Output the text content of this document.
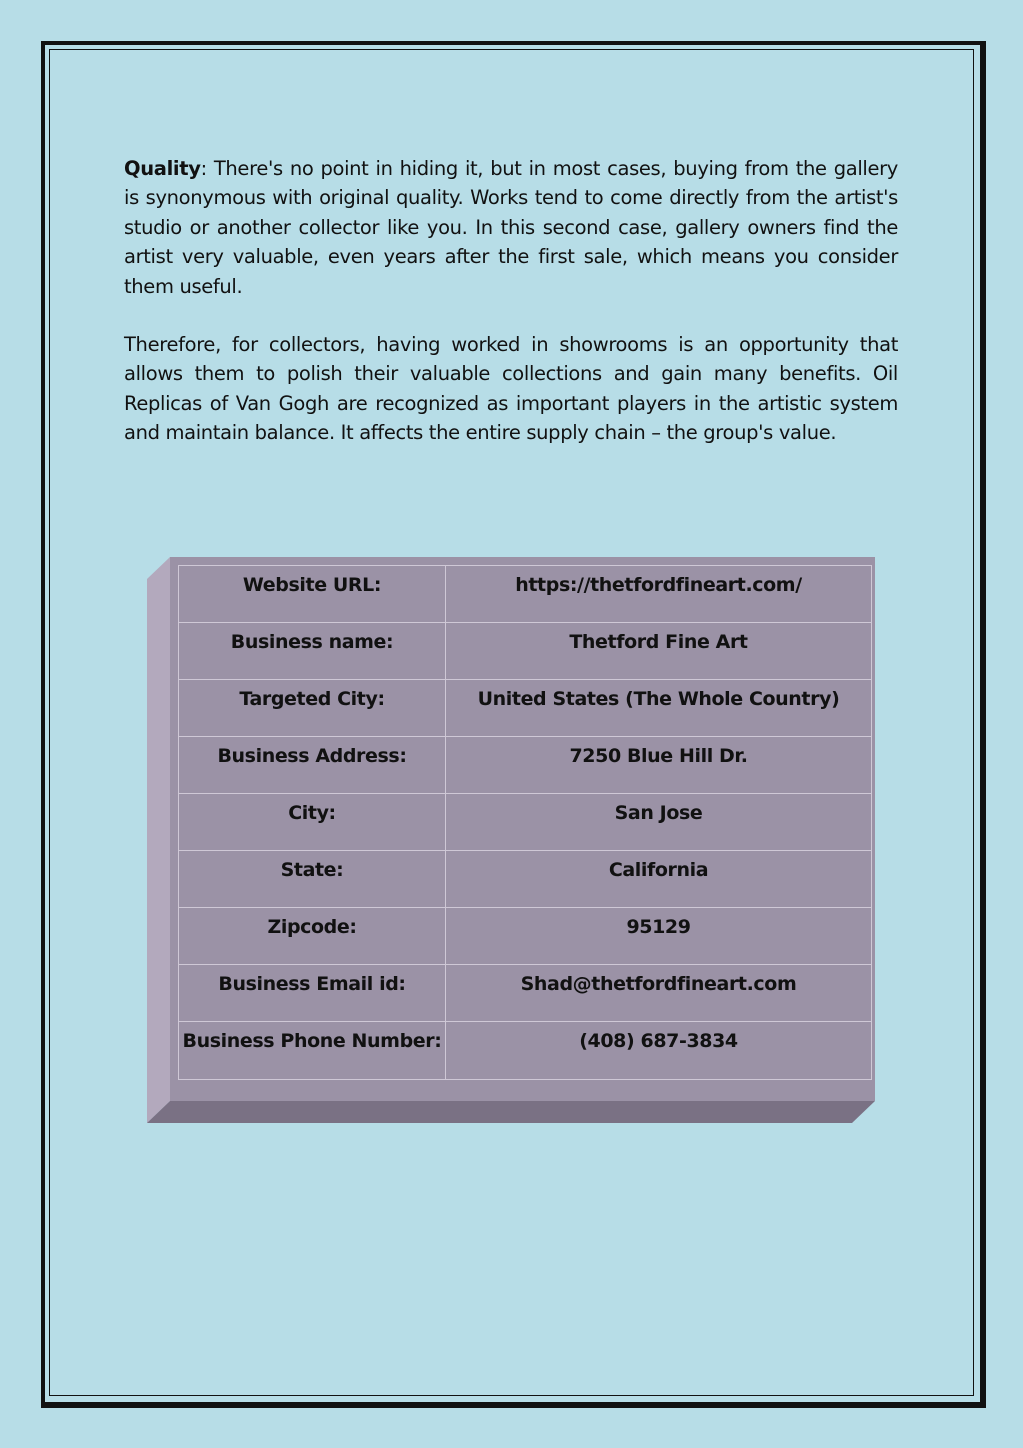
Quality: There's no point in hiding it, but in most cases, buying from the gallery is synonymous with original quality. Works tend to come directly from the artist's studio or another collector like you. In this second case, gallery owners find the artist very valuable, even years after the first sale, which means you consider them useful.

Therefore, for collectors, having worked in showrooms is an opportunity that allows them to polish their valuable collections and gain many benefits. Oil Replicas of Van Gogh are recognized as important players in the artistic system and maintain balance. It affects the entire supply chain – the group's value.

Website URL:	https://thetfordfineart.com/

Business name:	Thetford Fine Art

Targeted City:	United States (The Whole Country)

Business Address:	7250 Blue Hill Dr.

City:	San Jose

State:	California

Zipcode:	95129

Business Email id:	Shad@thetfordfineart.com

Business Phone Number:	(408) 687-3834
